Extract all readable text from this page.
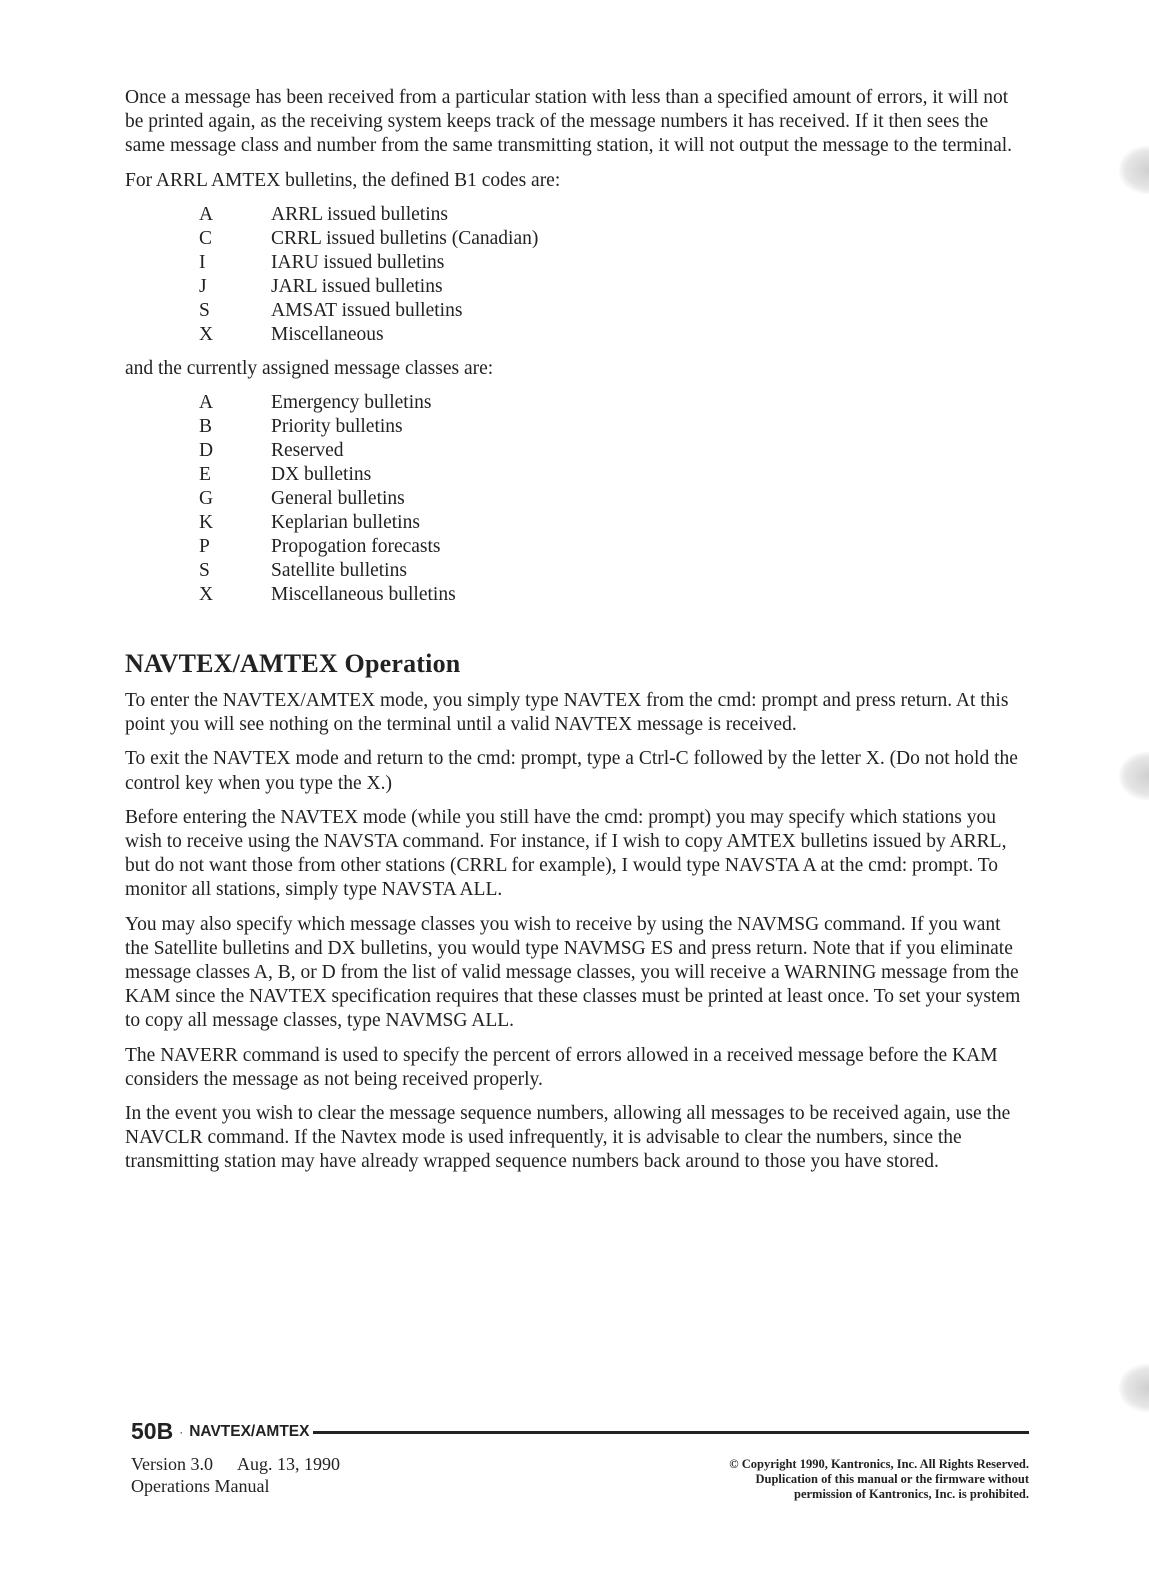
Once a message has been received from a particular station with less than a specified amount of errors, it will not be printed again, as the receiving system keeps track of the message numbers it has received. If it then sees the same message class and number from the same transmitting station, it will not output the message to the terminal.

For ARRL AMTEX bulletins, the defined B1 codes are:

A	ARRL issued bulletins
C	CRRL issued bulletins (Canadian)
I	IARU issued bulletins
J	JARL issued bulletins
S	AMSAT issued bulletins
X	Miscellaneous

and the currently assigned message classes are:

A	Emergency bulletins
B	Priority bulletins
D	Reserved
E	DX bulletins
G	General bulletins
K	Keplarian bulletins
P	Propogation forecasts
S	Satellite bulletins
X	Miscellaneous bulletins
NAVTEX/AMTEX Operation

To enter the NAVTEX/AMTEX mode, you simply type NAVTEX from the cmd: prompt and press return. At this point you will see nothing on the terminal until a valid NAVTEX message is received.

To exit the NAVTEX mode and return to the cmd: prompt, type a Ctrl-C followed by the letter X. (Do not hold the control key when you type the X.)

Before entering the NAVTEX mode (while you still have the cmd: prompt) you may specify which stations you wish to receive using the NAVSTA command. For instance, if I wish to copy AMTEX bulletins issued by ARRL, but do not want those from other stations (CRRL for example), I would type NAVSTA A at the cmd: prompt. To monitor all stations, simply type NAVSTA ALL.

You may also specify which message classes you wish to receive by using the NAVMSG command. If you want the Satellite bulletins and DX bulletins, you would type NAVMSG ES and press return. Note that if you eliminate message classes A, B, or D from the list of valid message classes, you will receive a WARNING message from the KAM since the NAVTEX specification requires that these classes must be printed at least once. To set your system to copy all message classes, type NAVMSG ALL.

The NAVERR command is used to specify the percent of errors allowed in a received message before the KAM considers the message as not being received properly.

In the event you wish to clear the message sequence numbers, allowing all messages to be received again, use the NAVCLR command. If the Navtex mode is used infrequently, it is advisable to clear the numbers, since the transmitting station may have already wrapped sequence numbers back around to those you have stored.

50B · NAVTEX/AMTEX
Version 3.0 Aug. 13, 1990
Operations Manual
© Copyright 1990, Kantronics, Inc. All Rights Reserved.
Duplication of this manual or the firmware without
permission of Kantronics, Inc. is prohibited.
